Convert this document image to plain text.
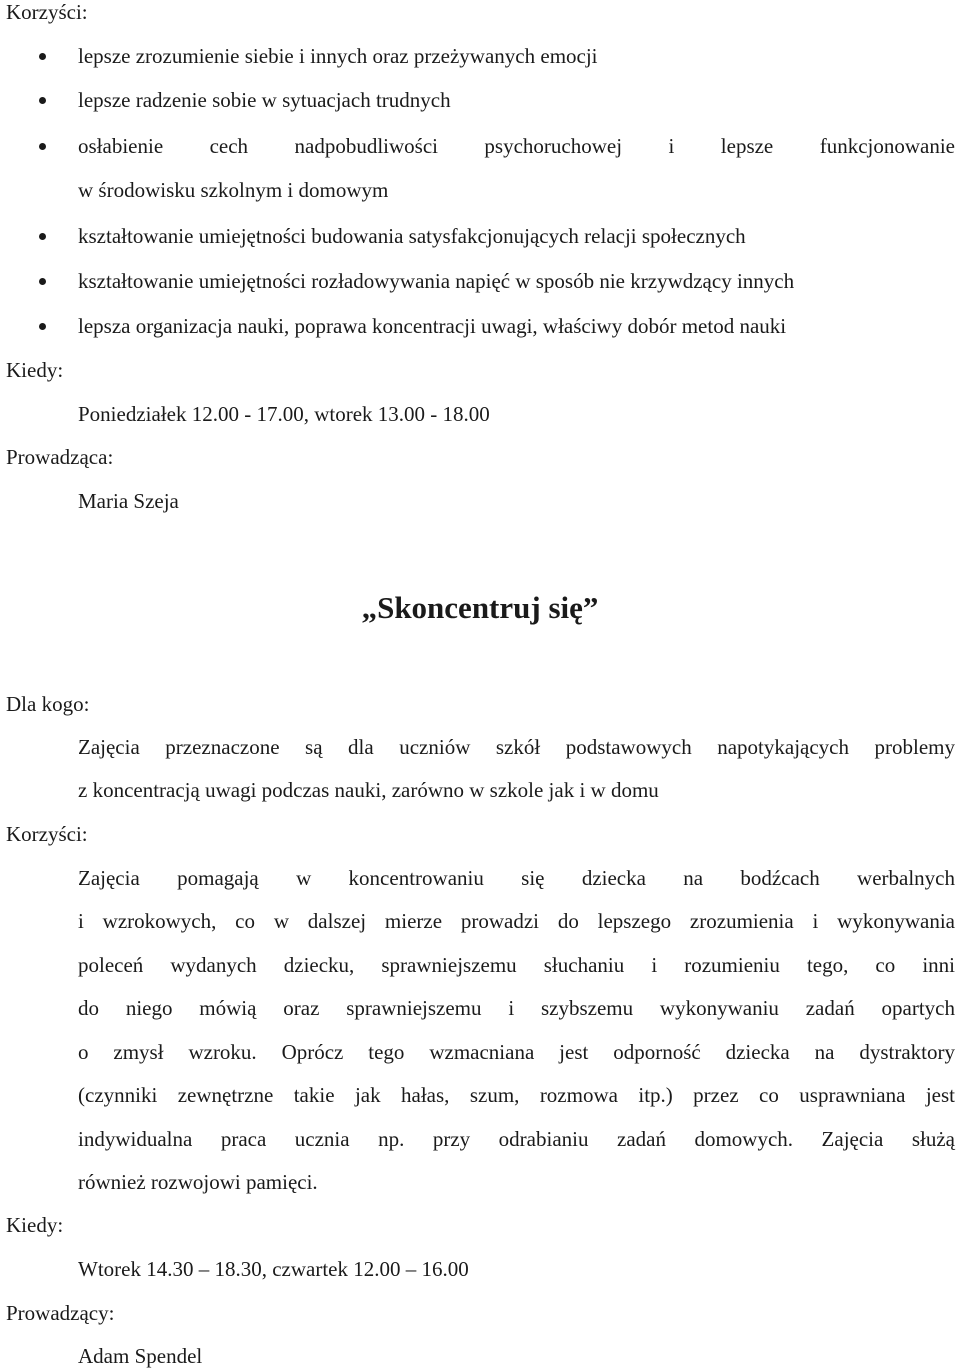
Korzyści:
lepsze zrozumienie siebie i innych oraz przeżywanych emocji
lepsze radzenie sobie w sytuacjach trudnych
osłabienie cech nadpobudliwości psychoruchowej i lepsze funkcjonowanie
w środowisku szkolnym i domowym
kształtowanie umiejętności budowania satysfakcjonujących relacji społecznych
kształtowanie umiejętności rozładowywania napięć w sposób nie krzywdzący innych
lepsza organizacja nauki, poprawa koncentracji uwagi, właściwy dobór metod nauki
Kiedy:
Poniedziałek 12.00 - 17.00, wtorek 13.00 - 18.00
Prowadząca:
Maria Szeja
„Skoncentruj się”
Dla kogo:
Zajęcia przeznaczone są dla uczniów szkół podstawowych napotykających problemy
z koncentracją uwagi podczas nauki, zarówno w szkole jak i w domu
Korzyści:
Zajęcia pomagają w koncentrowaniu się dziecka na bodźcach werbalnych
i wzrokowych, co w dalszej mierze prowadzi do lepszego zrozumienia i wykonywania
poleceń wydanych dziecku, sprawniejszemu słuchaniu i rozumieniu tego, co inni
do niego mówią oraz sprawniejszemu i szybszemu wykonywaniu zadań opartych
o zmysł wzroku. Oprócz tego wzmacniana jest odporność dziecka na dystraktory
(czynniki zewnętrzne takie jak hałas, szum, rozmowa itp.) przez co usprawniana jest
indywidualna praca ucznia np. przy odrabianiu zadań domowych. Zajęcia służą
również rozwojowi pamięci.
Kiedy:
Wtorek 14.30 – 18.30, czwartek 12.00 – 16.00
Prowadzący:
Adam Spendel
